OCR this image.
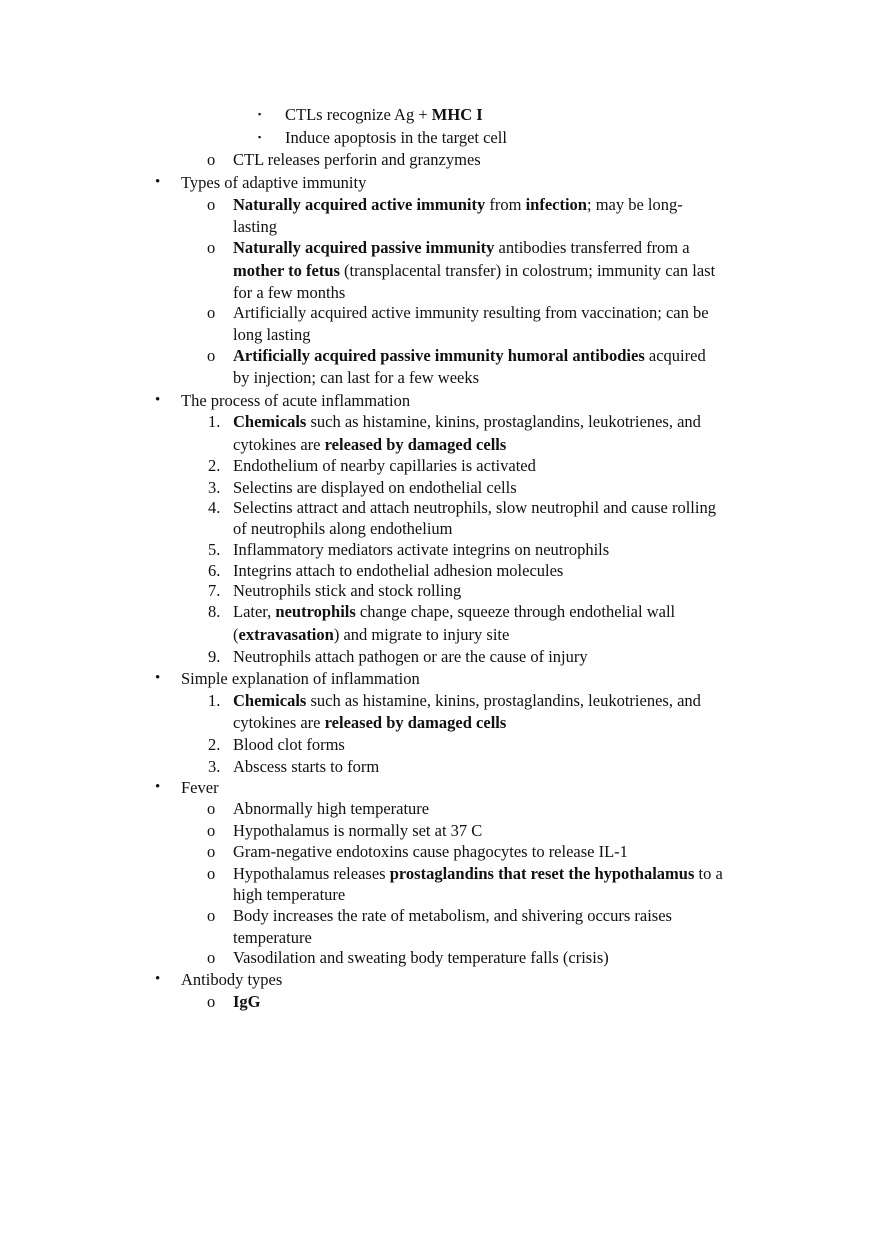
▪ CTLs recognize Ag + MHC I
▪ Induce apoptosis in the target cell
o CTL releases perforin and granzymes
• Types of adaptive immunity
o Naturally acquired active immunity from infection; may be long-
lasting
o Naturally acquired passive immunity antibodies transferred from a
mother to fetus (transplacental transfer) in colostrum; immunity can last
for a few months
o Artificially acquired active immunity resulting from vaccination; can be
long lasting
o Artificially acquired passive immunity humoral antibodies acquired
by injection; can last for a few weeks
• The process of acute inflammation
1. Chemicals such as histamine, kinins, prostaglandins, leukotrienes, and
cytokines are released by damaged cells
2. Endothelium of nearby capillaries is activated
3. Selectins are displayed on endothelial cells
4. Selectins attract and attach neutrophils, slow neutrophil and cause rolling
of neutrophils along endothelium
5. Inflammatory mediators activate integrins on neutrophils
6. Integrins attach to endothelial adhesion molecules
7. Neutrophils stick and stock rolling
8. Later, neutrophils change chape, squeeze through endothelial wall
(extravasation) and migrate to injury site
9. Neutrophils attach pathogen or are the cause of injury
• Simple explanation of inflammation
1. Chemicals such as histamine, kinins, prostaglandins, leukotrienes, and
cytokines are released by damaged cells
2. Blood clot forms
3. Abscess starts to form
• Fever
o Abnormally high temperature
o Hypothalamus is normally set at 37 C
o Gram-negative endotoxins cause phagocytes to release IL-1
o Hypothalamus releases prostaglandins that reset the hypothalamus to a
high temperature
o Body increases the rate of metabolism, and shivering occurs raises
temperature
o Vasodilation and sweating body temperature falls (crisis)
• Antibody types
o IgG
